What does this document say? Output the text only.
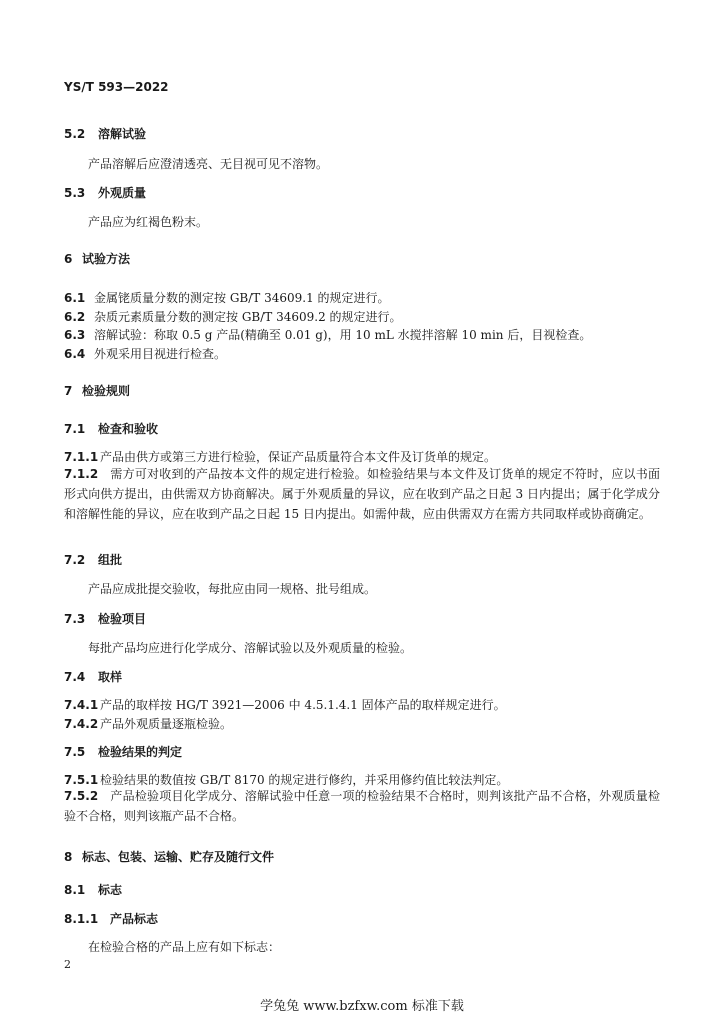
YS/T 593—2022
5.2 溶解试验
产品溶解后应澄清透亮、无目视可见不溶物。
5.3 外观质量
产品应为红褐色粉末。
6 试验方法
6.1 金属铑质量分数的测定按 GB/T 34609.1 的规定进行。
6.2 杂质元素质量分数的测定按 GB/T 34609.2 的规定进行。
6.3 溶解试验：称取 0.5 g 产品(精确至 0.01 g)，用 10 mL 水搅拌溶解 10 min 后，目视检查。
6.4 外观采用目视进行检查。
7 检验规则
7.1 检查和验收
7.1.1 产品由供方或第三方进行检验，保证产品质量符合本文件及订货单的规定。
7.1.2 需方可对收到的产品按本文件的规定进行检验。如检验结果与本文件及订货单的规定不符时，应以书面形式向供方提出，由供需双方协商解决。属于外观质量的异议，应在收到产品之日起 3 日内提出；属于化学成分和溶解性能的异议，应在收到产品之日起 15 日内提出。如需仲裁，应由供需双方在需方共同取样或协商确定。
7.2 组批
产品应成批提交验收，每批应由同一规格、批号组成。
7.3 检验项目
每批产品均应进行化学成分、溶解试验以及外观质量的检验。
7.4 取样
7.4.1 产品的取样按 HG/T 3921—2006 中 4.5.1.4.1 固体产品的取样规定进行。
7.4.2 产品外观质量逐瓶检验。
7.5 检验结果的判定
7.5.1 检验结果的数值按 GB/T 8170 的规定进行修约，并采用修约值比较法判定。
7.5.2 产品检验项目化学成分、溶解试验中任意一项的检验结果不合格时，则判该批产品不合格，外观质量检验不合格，则判该瓶产品不合格。
8 标志、包装、运输、贮存及随行文件
8.1 标志
8.1.1 产品标志
在检验合格的产品上应有如下标志：
2
学兔兔 www.bzfxw.com 标准下载
